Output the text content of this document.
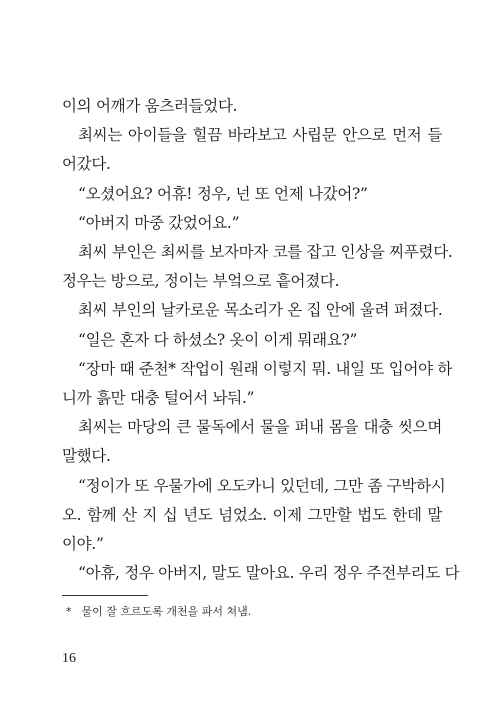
이의 어깨가 움츠러들었다.
최씨는 아이들을 힐끔 바라보고 사립문 안으로 먼저 들
어갔다.
“오셨어요? 어휴! 정우, 넌 또 언제 나갔어?”
“아버지 마중 갔었어요.”
최씨 부인은 최씨를 보자마자 코를 잡고 인상을 찌푸렸다.
정우는 방으로, 정이는 부엌으로 흩어졌다.
최씨 부인의 날카로운 목소리가 온 집 안에 울려 퍼졌다.
“일은 혼자 다 하셨소? 옷이 이게 뭐래요?”
“장마 때 준천* 작업이 원래 이렇지 뭐. 내일 또 입어야 하
니까 흙만 대충 털어서 놔둬.”
최씨는 마당의 큰 물독에서 물을 퍼내 몸을 대충 씻으며
말했다.
“정이가 또 우물가에 오도카니 있던데, 그만 좀 구박하시
오. 함께 산 지 십 년도 넘었소. 이제 그만할 법도 한데 말
* 물이 잘 흐르도록 개천을 파서 쳐냄.
16
이야.”
“아휴, 정우 아버지, 말도 말아요. 우리 정우 주전부리도 다
